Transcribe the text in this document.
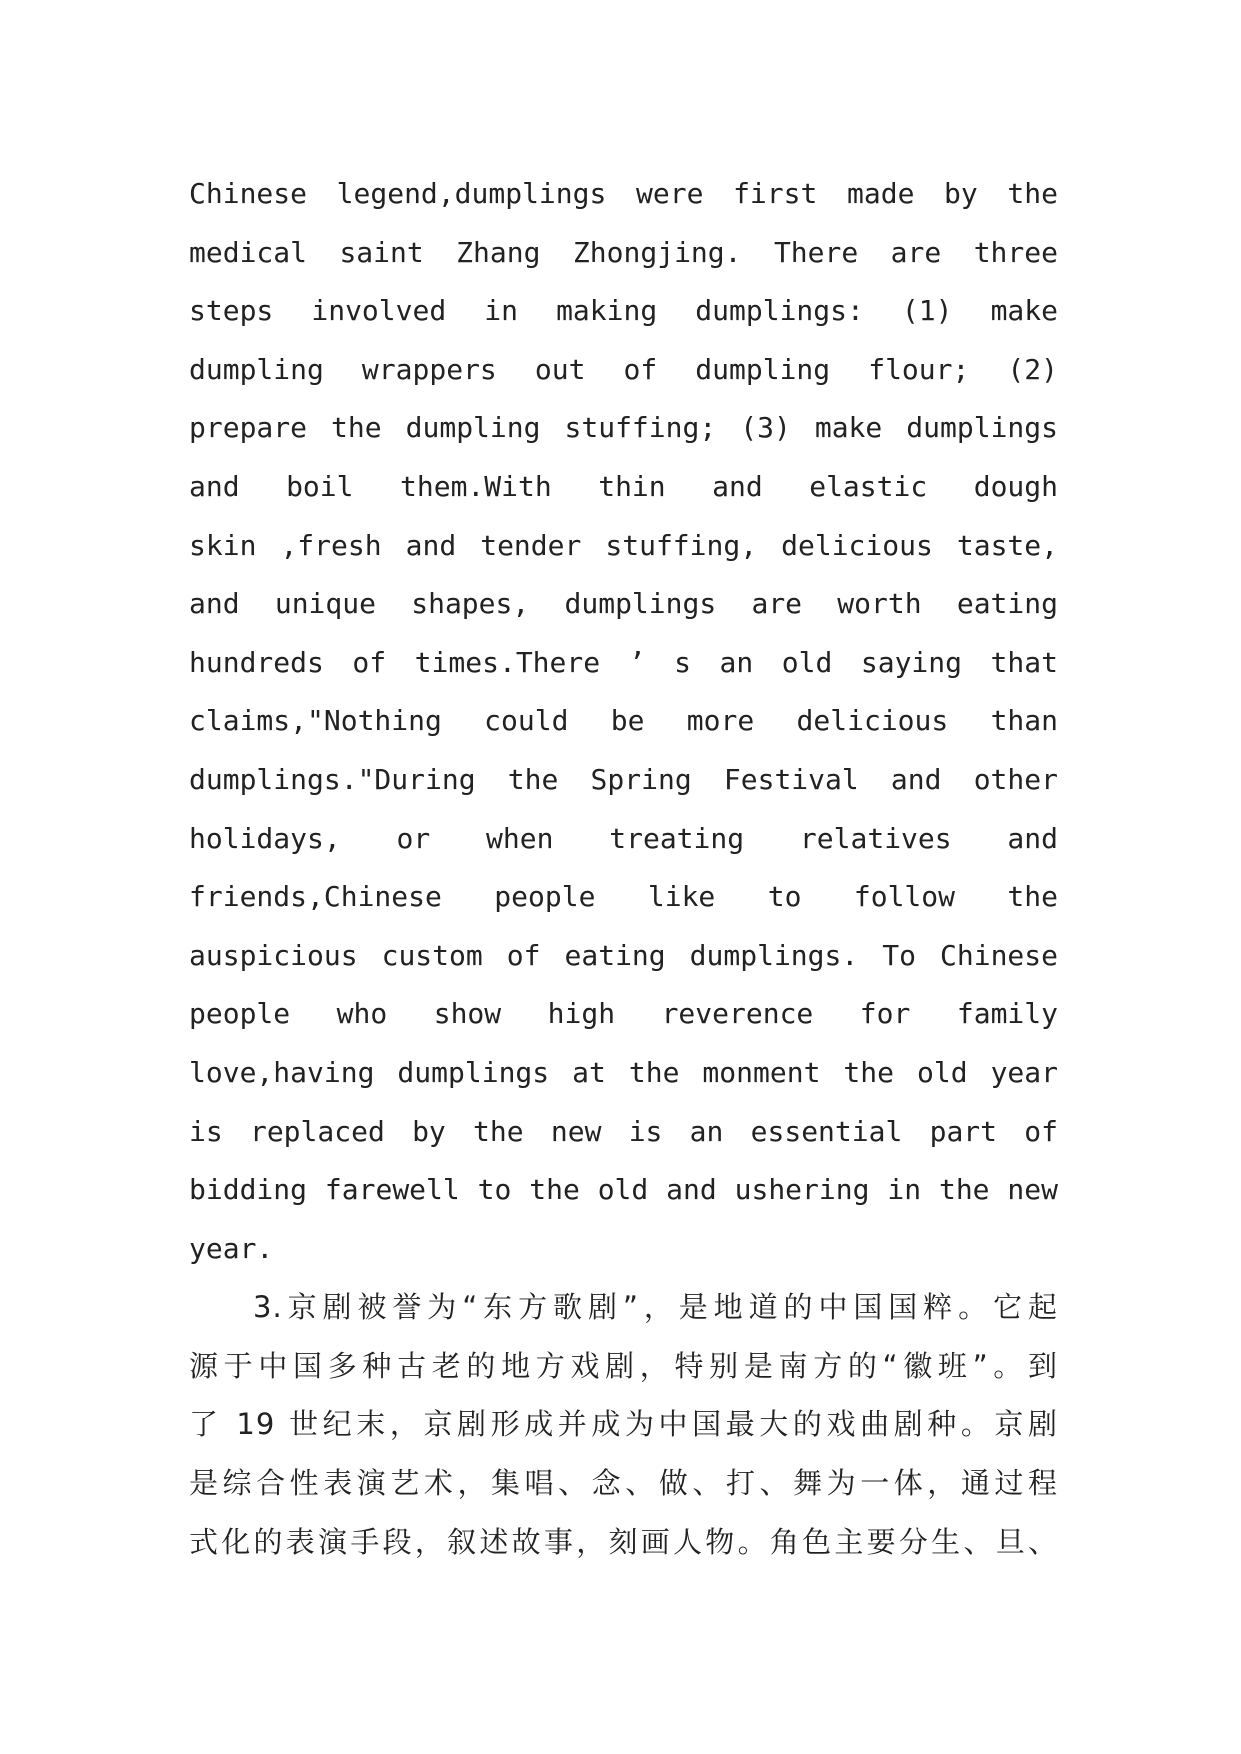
Chinese legend,dumplings were first made by the
medical saint Zhang Zhongjing. There are three
steps involved in making dumplings: (1) make
dumpling wrappers out of dumpling flour; (2)
prepare the dumpling stuffing; (3) make dumplings
and boil them.With thin and elastic dough
skin ,fresh and tender stuffing, delicious taste,
and unique shapes, dumplings are worth eating
hundreds of times.There ’ s an old saying that
claims,"Nothing could be more delicious than
dumplings."During the Spring Festival and other
holidays, or when treating relatives and
friends,Chinese people like to follow the
auspicious custom of eating dumplings. To Chinese
people who show high reverence for family
love,having dumplings at the monment the old year
is replaced by the new is an essential part of
bidding farewell to the old and ushering in the new
year.
3.京剧被誉为“东方歌剧”，是地道的中国国粹。它起
源于中国多种古老的地方戏剧，特别是南方的“徽班”。到
了 19 世纪末，京剧形成并成为中国最大的戏曲剧种。京剧
是综合性表演艺术，集唱、念、做、打、舞为一体，通过程
式化的表演手段，叙述故事，刻画人物。角色主要分生、旦、
